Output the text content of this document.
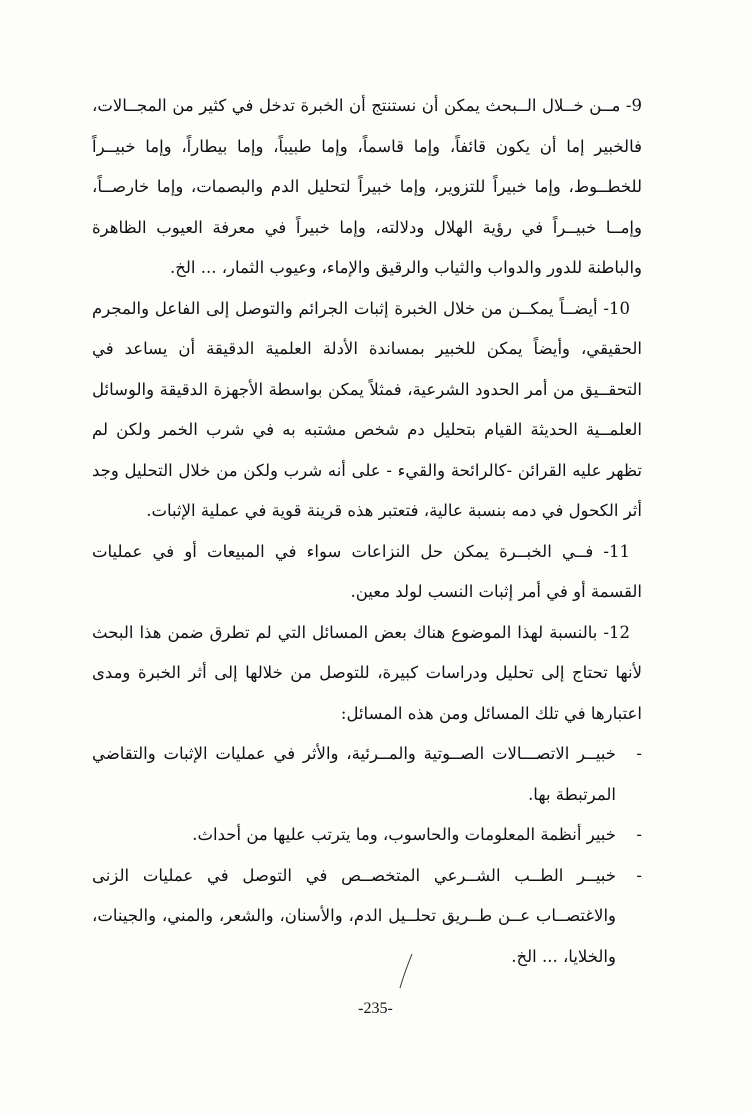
9- مــن خــلال الــبحث يمكن أن نستنتج أن الخبرة تدخل في كثير من المجــالات، فالخبير إما أن يكون قائفاً، وإما قاسماً، وإما طبيباً، وإما بيطاراً، وإما خبيــراً للخطــوط، وإما خبيراً للتزوير، وإما خبيراً لتحليل الدم والبصمات، وإما خارصــاً، وإمــا خبيــراً في رؤية الهلال ودلالته، وإما خبيراً في معرفة العيوب الظاهرة والباطنة للدور والدواب والثياب والرقيق والإماء، وعيوب الثمار، ... الخ.

10- أيضــاً يمكــن من خلال الخبرة إثبات الجرائم والتوصل إلى الفاعل والمجرم الحقيقي، وأيضاً يمكن للخبير بمساندة الأدلة العلمية الدقيقة أن يساعد في التحقــيق من أمر الحدود الشرعية، فمثلاً يمكن بواسطة الأجهزة الدقيقة والوسائل العلمــية الحديثة القيام بتحليل دم شخص مشتبه به في شرب الخمر ولكن لم تظهر عليه القرائن -كالرائحة والقيء - على أنه شرب ولكن من خلال التحليل وجد أثر الكحول في دمه بنسبة عالية، فتعتبر هذه قرينة قوية في عملية الإثبات.

11- فــي الخبــرة يمكن حل النزاعات سواء في المبيعات أو في عمليات القسمة أو في أمر إثبات النسب لولد معين.

12- بالنسبة لهذا الموضوع هناك بعض المسائل التي لم تطرق ضمن هذا البحث لأنها تحتاج إلى تحليل ودراسات كبيرة، للتوصل من خلالها إلى أثر الخبرة ومدى اعتبارها في تلك المسائل ومن هذه المسائل:

-
خبيــر الاتصـــالات الصــوتية والمــرئية، والأثر في عمليات الإثبات والتقاضي المرتبطة بها.
-
خبير أنظمة المعلومات والحاسوب، وما يترتب عليها من أحداث.
-
خبيــر الطــب الشــرعي المتخصــص في التوصل في عمليات الزنى والاغتصــاب عــن طــريق تحلــيل الدم، والأسنان، والشعر، والمني، والجينات، والخلايا، ... الخ.
-235-
